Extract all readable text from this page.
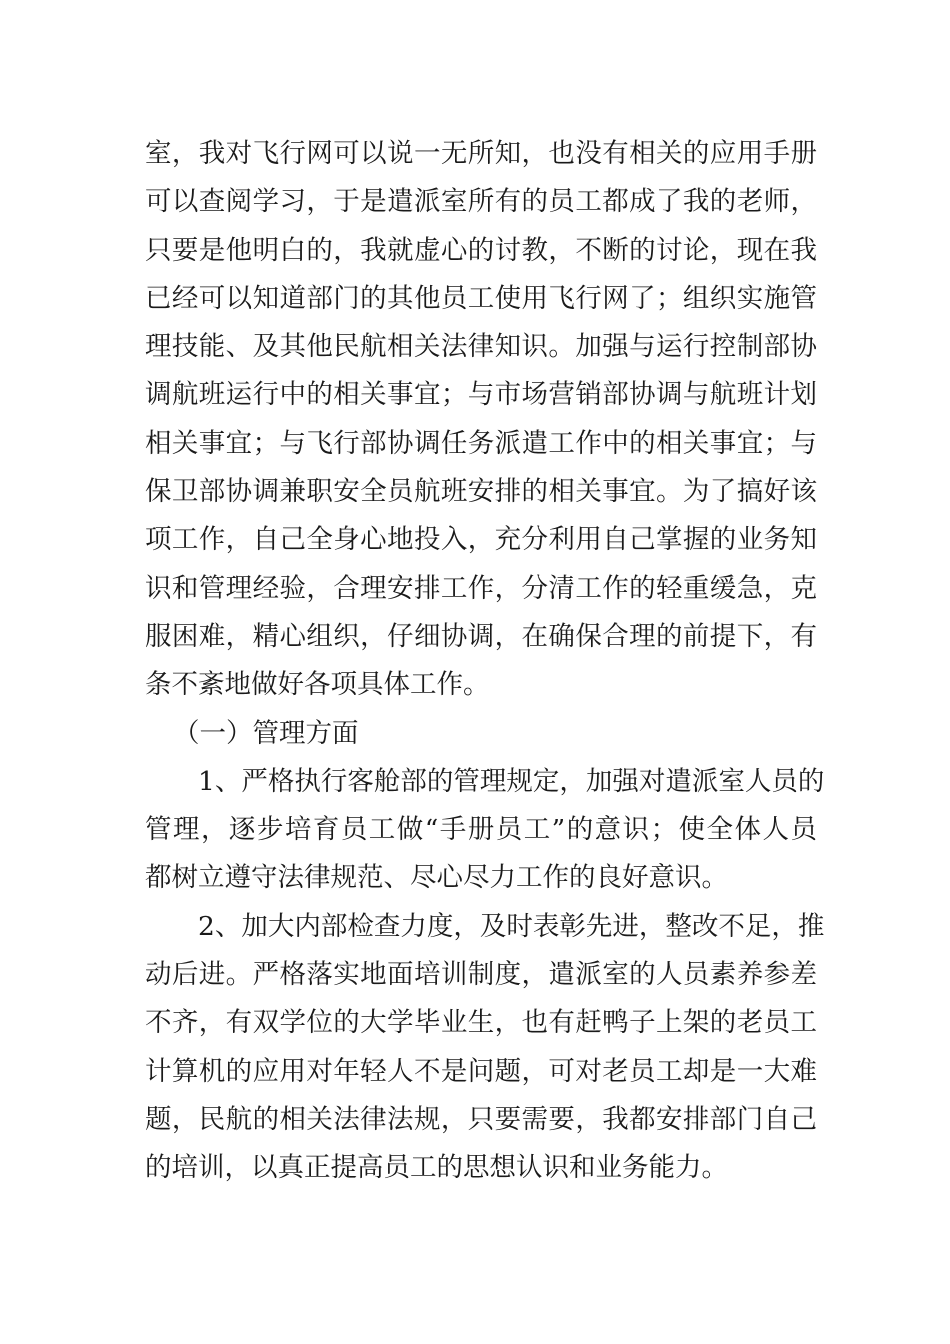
室，我对飞行网可以说一无所知，也没有相关的应用手册
可以查阅学习，于是遣派室所有的员工都成了我的老师，
只要是他明白的，我就虚心的讨教，不断的讨论，现在我
已经可以知道部门的其他员工使用飞行网了；组织实施管
理技能、及其他民航相关法律知识。加强与运行控制部协
调航班运行中的相关事宜；与市场营销部协调与航班计划
相关事宜；与飞行部协调任务派遣工作中的相关事宜；与
保卫部协调兼职安全员航班安排的相关事宜。为了搞好该
项工作，自己全身心地投入，充分利用自己掌握的业务知
识和管理经验，合理安排工作，分清工作的轻重缓急，克
服困难，精心组织，仔细协调，在确保合理的前提下，有
条不紊地做好各项具体工作。
（一）管理方面
1、严格执行客舱部的管理规定，加强对遣派室人员的
管理，逐步培育员工做“手册员工”的意识；使全体人员
都树立遵守法律规范、尽心尽力工作的良好意识。
2、加大内部检查力度，及时表彰先进，整改不足，推
动后进。严格落实地面培训制度，遣派室的人员素养参差
不齐，有双学位的大学毕业生，也有赶鸭子上架的老员工
计算机的应用对年轻人不是问题，可对老员工却是一大难
题，民航的相关法律法规，只要需要，我都安排部门自己
的培训，以真正提高员工的思想认识和业务能力。
